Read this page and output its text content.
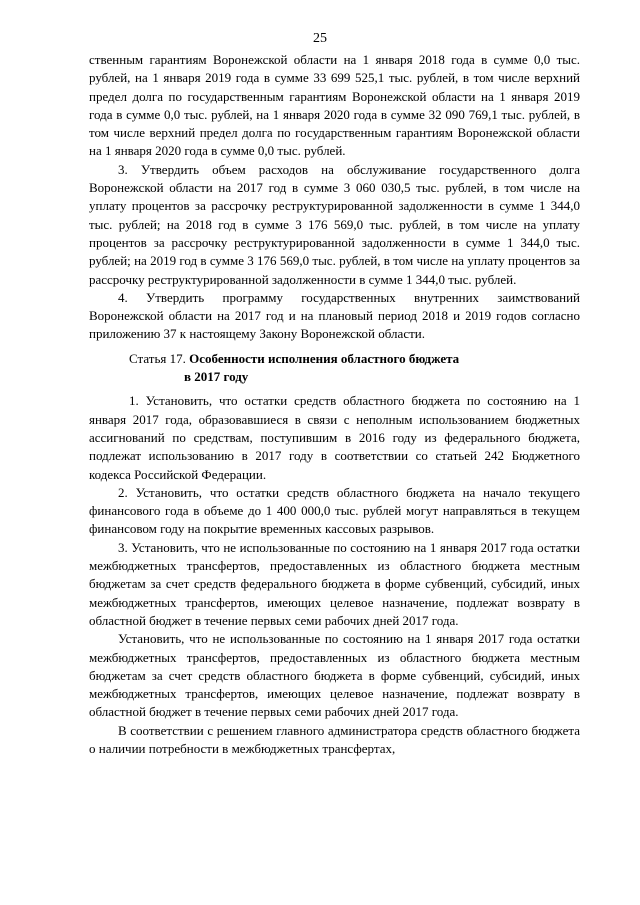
25

ственным гарантиям Воронежской области на 1 января 2018 года в сумме 0,0 тыс. рублей, на 1 января 2019 года в сумме 33 699 525,1 тыс. рублей, в том числе верхний предел долга по государственным гарантиям Воронежской области на 1 января 2019 года в сумме 0,0 тыс. рублей, на 1 января 2020 года в сумме 32 090 769,1 тыс. рублей, в том числе верхний предел долга по государственным гарантиям Воронежской области на 1 января 2020 года в сумме 0,0 тыс. рублей.

3. Утвердить объем расходов на обслуживание государственного долга Воронежской области на 2017 год в сумме 3 060 030,5 тыс. рублей, в том числе на уплату процентов за рассрочку реструктурированной задолженности в сумме 1 344,0 тыс. рублей; на 2018 год в сумме 3 176 569,0 тыс. рублей, в том числе на уплату процентов за рассрочку реструктурированной задолженности в сумме 1 344,0 тыс. рублей; на 2019 год в сумме 3 176 569,0 тыс. рублей, в том числе на уплату процентов за рассрочку реструктурированной задолженности в сумме 1 344,0 тыс. рублей.

4. Утвердить программу государственных внутренних заимствований Воронежской области на 2017 год и на плановый период 2018 и 2019 годов согласно приложению 37 к настоящему Закону Воронежской области.

Статья 17. Особенности исполнения областного бюджета
в 2017 году

1. Установить, что остатки средств областного бюджета по состоянию на 1 января 2017 года, образовавшиеся в связи с неполным использованием бюджетных ассигнований по средствам, поступившим в 2016 году из федерального бюджета, подлежат использованию в 2017 году в соответствии со статьей 242 Бюджетного кодекса Российской Федерации.

2. Установить, что остатки средств областного бюджета на начало текущего финансового года в объеме до 1 400 000,0 тыс. рублей могут направляться в текущем финансовом году на покрытие временных кассовых разрывов.

3. Установить, что не использованные по состоянию на 1 января 2017 года остатки межбюджетных трансфертов, предоставленных из областного бюджета местным бюджетам за счет средств федерального бюджета в форме субвенций, субсидий, иных межбюджетных трансфертов, имеющих целевое назначение, подлежат возврату в областной бюджет в течение первых семи рабочих дней 2017 года.

Установить, что не использованные по состоянию на 1 января 2017 года остатки межбюджетных трансфертов, предоставленных из областного бюджета местным бюджетам за счет средств областного бюджета в форме субвенций, субсидий, иных межбюджетных трансфертов, имеющих целевое назначение, подлежат возврату в областной бюджет в течение первых семи рабочих дней 2017 года.

В соответствии с решением главного администратора средств областного бюджета о наличии потребности в межбюджетных трансфертах,
